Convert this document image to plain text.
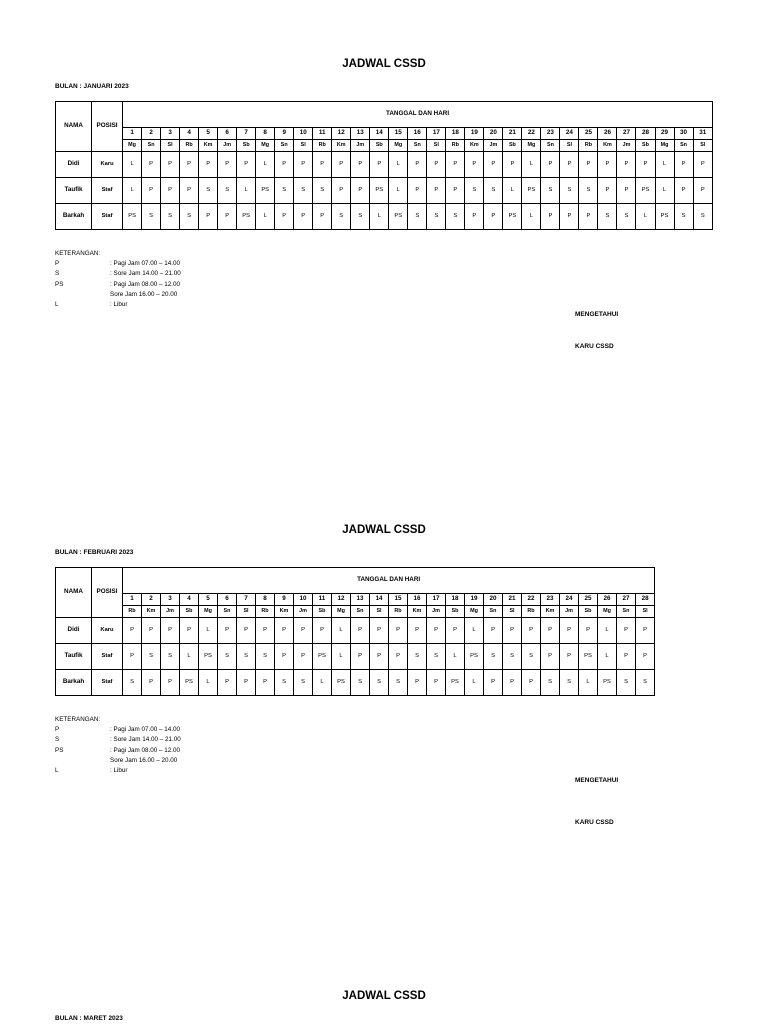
JADWAL CSSD
BULAN : JANUARI 2023
NAMA	POSISI	TANGGAL DAN HARI																														
		1	2	3	4	5	6	7	8	9	10	11	12	13	14	15	16	17	18	19	20	21	22	23	24	25	26	27	28	29	30	31
		Mg	Sn	Sl	Rb	Km	Jm	Sb	Mg	Sn	Sl	Rb	Km	Jm	Sb	Mg	Sn	Sl	Rb	Km	Jm	Sb	Mg	Sn	Sl	Rb	Km	Jm	Sb	Mg	Sn	Sl
Didi	Karu	L	P	P	P	P	P	P	L	P	P	P	P	P	P	L	P	P	P	P	P	P	L	P	P	P	P	P	P	L	P	P
Taufik	Staf	L	P	P	P	S	S	L	PS	S	S	S	P	P	PS	L	P	P	P	S	S	L	PS	S	S	S	P	P	PS	L	P	P
Barkah	Staf	PS	S	S	S	P	P	PS	L	P	P	P	S	S	L	PS	S	S	S	P	P	PS	L	P	P	P	S	S	L	PS	S	S
KETERANGAN:
P	: Pagi Jam 07.00 – 14.00
S	: Sore Jam 14.00 – 21.00
PS	: Pagi Jam 08.00 – 12.00
Sore Jam 16.00 – 20.00
L	: Libur
MENGETAHUI
KARU CSSD
JADWAL CSSD
BULAN : FEBRUARI 2023
NAMA	POSISI	TANGGAL DAN HARI																											
		1	2	3	4	5	6	7	8	9	10	11	12	13	14	15	16	17	18	19	20	21	22	23	24	25	26	27	28
		Rb	Km	Jm	Sb	Mg	Sn	Sl	Rb	Km	Jm	Sb	Mg	Sn	Sl	Rb	Km	Jm	Sb	Mg	Sn	Sl	Rb	Km	Jm	Sb	Mg	Sn	Sl
Didi	Karu	P	P	P	P	L	P	P	P	P	P	P	L	P	P	P	P	P	P	L	P	P	P	P	P	P	L	P	P
Taufik	Staf	P	S	S	L	PS	S	S	S	P	P	PS	L	P	P	P	S	S	L	PS	S	S	S	P	P	PS	L	P	P
Barkah	Staf	S	P	P	PS	L	P	P	P	S	S	L	PS	S	S	S	P	P	PS	L	P	P	P	S	S	L	PS	S	S
KETERANGAN:
P	: Pagi Jam 07.00 – 14.00
S	: Sore Jam 14.00 – 21.00
PS	: Pagi Jam 08.00 – 12.00
Sore Jam 16.00 – 20.00
L	: Libur
MENGETAHUI
KARU CSSD
JADWAL CSSD
BULAN : MARET 2023
